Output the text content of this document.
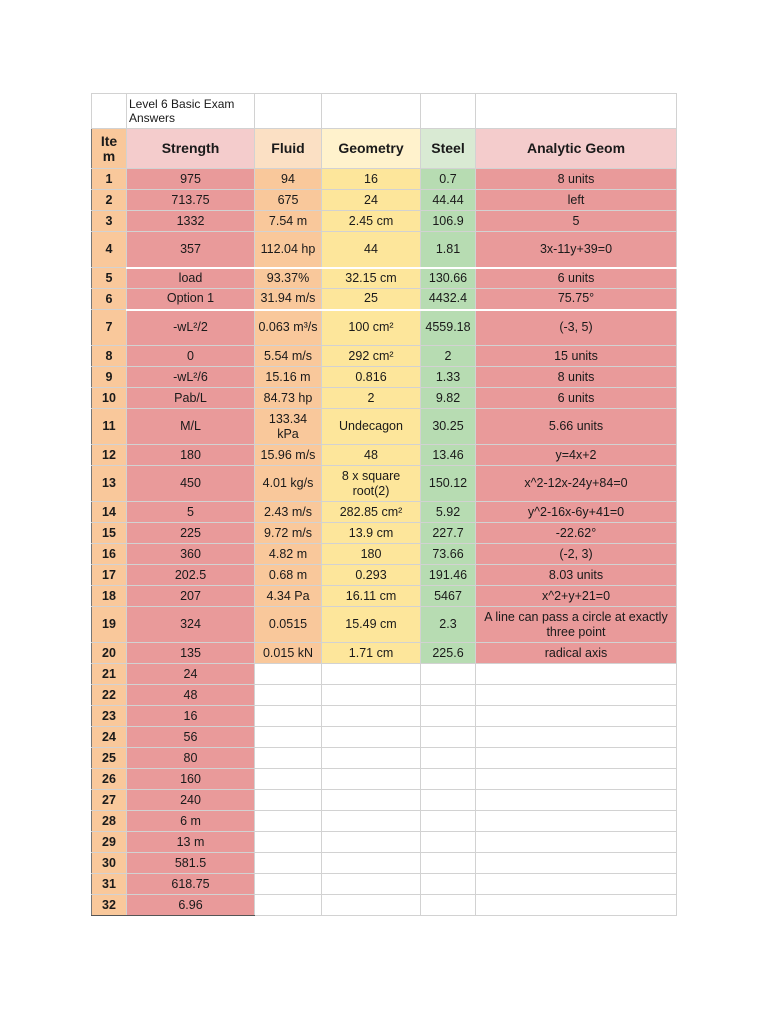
	Level 6 Basic Exam Answers				
Ite m	Strength	Fluid	Geometry	Steel	Analytic Geom
1	975	94	16	0.7	8 units
2	713.75	675	24	44.44	left
3	1332	7.54 m	2.45 cm	106.9	5
4	357	112.04 hp	44	1.81	3x-11y+39=0
5	load	93.37%	32.15 cm	130.66	6 units
6	Option 1	31.94 m/s	25	4432.4	75.75°
7	-wL²/2	0.063 m³/s	100 cm²	4559.18	(-3, 5)
8	0	5.54 m/s	292 cm²	2	15 units
9	-wL²/6	15.16 m	0.816	1.33	8 units
10	Pab/L	84.73 hp	2	9.82	6 units
11	M/L	133.34 kPa	Undecagon	30.25	5.66 units
12	180	15.96 m/s	48	13.46	y=4x+2
13	450	4.01 kg/s	8 x square root(2)	150.12	x^2-12x-24y+84=0
14	5	2.43 m/s	282.85 cm²	5.92	y^2-16x-6y+41=0
15	225	9.72 m/s	13.9 cm	227.7	-22.62°
16	360	4.82 m	180	73.66	(-2, 3)
17	202.5	0.68 m	0.293	191.46	8.03 units
18	207	4.34 Pa	16.11 cm	5467	x^2+y+21=0
19	324	0.0515	15.49 cm	2.3	A line can pass a circle at exactly three point
20	135	0.015 kN	1.71 cm	225.6	radical axis
21	24				
22	48				
23	16				
24	56				
25	80				
26	160				
27	240				
28	6 m				
29	13 m				
30	581.5				
31	618.75				
32	6.96				
